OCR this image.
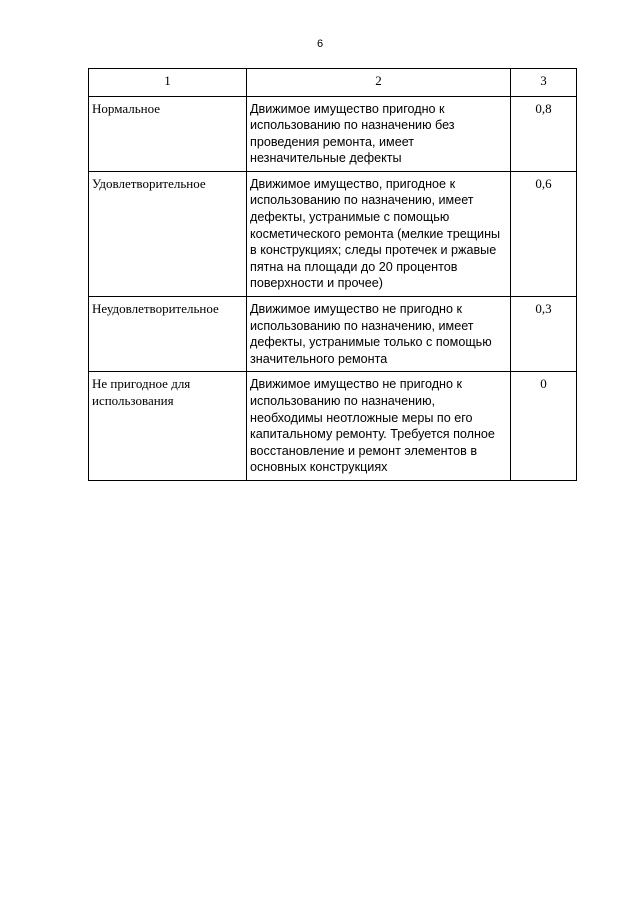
6
1	2	3
Нормальное	Движимое имущество пригодно к использованию по назначению без проведения ремонта, имеет незначительные дефекты	0,8
Удовлетворительное	Движимое имущество, пригодное к использованию по назначению, имеет дефекты, устранимые с помощью косметического ремонта (мелкие трещины в конструкциях; следы протечек и ржавые пятна на площади до 20 процентов поверхности и прочее)	0,6
Неудовлетворительное	Движимое имущество не пригодно к использованию по назначению, имеет дефекты, устранимые только с помощью значительного ремонта	0,3
Не пригодное для использования	Движимое имущество не пригодно к использованию по назначению, необходимы неотложные меры по его капитальному ремонту. Требуется полное восстановление и ремонт элементов в основных конструкциях	0
